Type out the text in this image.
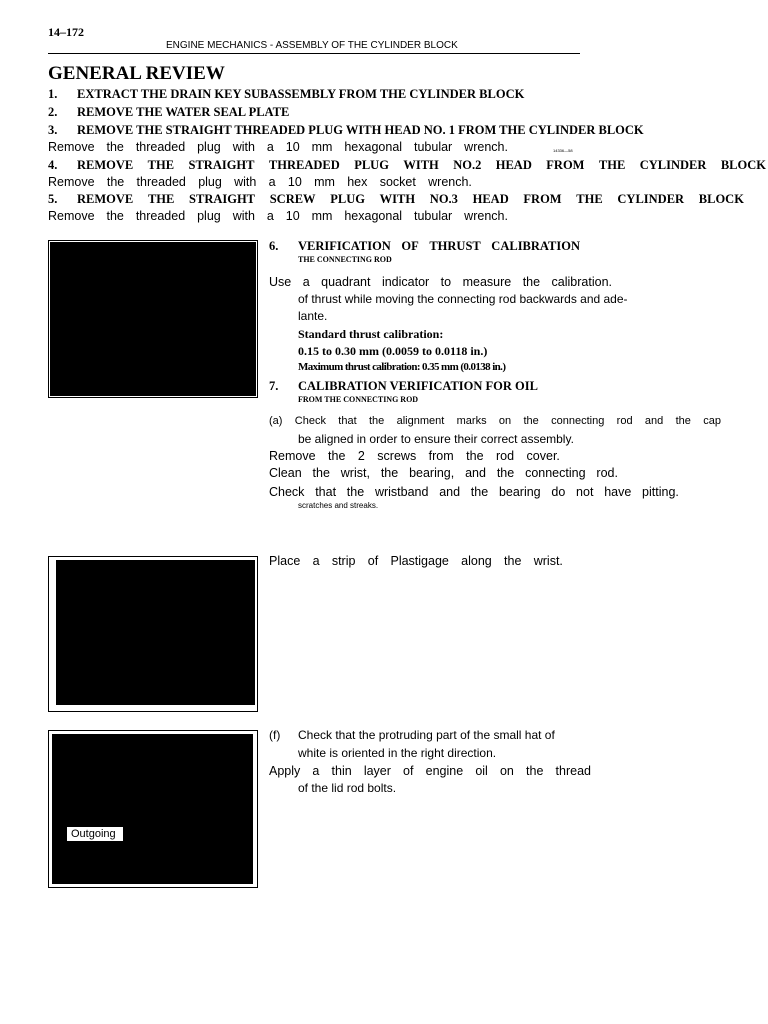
14–172
ENGINE MECHANICS - ASSEMBLY OF THE CYLINDER BLOCK
GENERAL REVIEW
1. EXTRACT THE DRAIN KEY SUBASSEMBLY FROM THE CYLINDER BLOCK
2. REMOVE THE WATER SEAL PLATE
3. REMOVE THE STRAIGHT THREADED PLUG WITH HEAD NO. 1 FROM THE CYLINDER BLOCK
Remove the threaded plug with a 10 mm hexagonal tubular wrench.	14336—58
4. REMOVE THE STRAIGHT THREADED PLUG WITH NO.2 HEAD FROM THE CYLINDER BLOCK
Remove the threaded plug with a 10 mm hex socket wrench.
5. REMOVE THE STRAIGHT SCREW PLUG WITH NO.3 HEAD FROM THE CYLINDER BLOCK
Remove the threaded plug with a 10 mm hexagonal tubular wrench.
6. VERIFICATION OF THRUST CALIBRATION
THE CONNECTING ROD
Use a quadrant indicator to measure the calibration.
of thrust while moving the connecting rod backwards and ade-
lante.
Standard thrust calibration:
0.15 to 0.30 mm (0.0059 to 0.0118 in.)
Maximum thrust calibration: 0.35 mm (0.0138 in.)
7. CALIBRATION VERIFICATION FOR OIL
FROM THE CONNECTING ROD
(a) Check that the alignment marks on the connecting rod and the cap
be aligned in order to ensure their correct assembly.
Remove the 2 screws from the rod cover.
Clean the wrist, the bearing, and the connecting rod.
Check that the wristband and the bearing do not have pitting.
scratches and streaks.
Place a strip of Plastigage along the wrist.
Outgoing
(f) Check that the protruding part of the small hat of
white is oriented in the right direction.
Apply a thin layer of engine oil on the thread
of the lid rod bolts.
